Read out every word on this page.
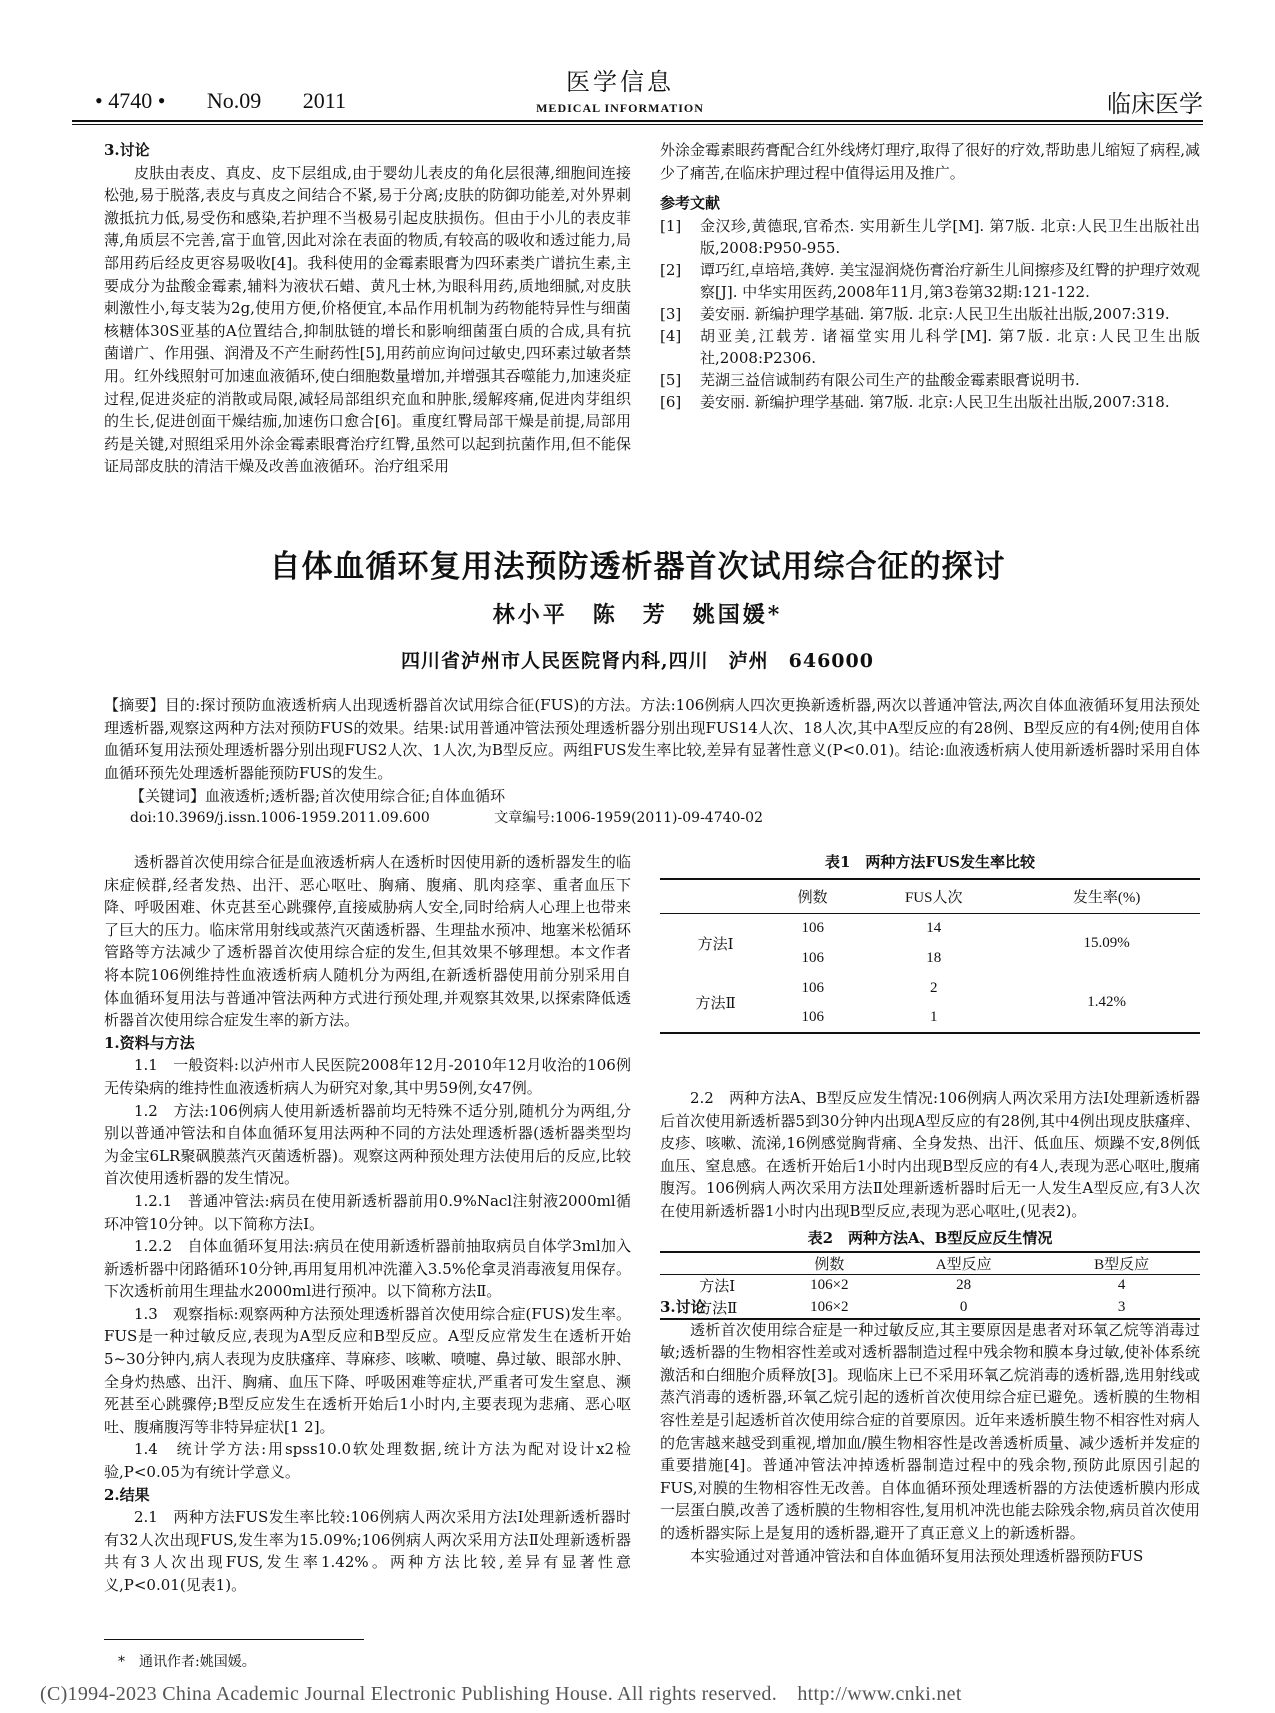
• 4740 • No.09 2011
医学信息
MEDICAL INFORMATION	临床医学

3.讨论

皮肤由表皮、真皮、皮下层组成,由于婴幼儿表皮的角化层很薄,细胞间连接松弛,易于脱落,表皮与真皮之间结合不紧,易于分离;皮肤的防御功能差,对外界刺激抵抗力低,易受伤和感染,若护理不当极易引起皮肤损伤。但由于小儿的表皮菲薄,角质层不完善,富于血管,因此对涂在表面的物质,有较高的吸收和透过能力,局部用药后经皮更容易吸收[4]。我科使用的金霉素眼膏为四环素类广谱抗生素,主要成分为盐酸金霉素,辅料为液状石蜡、黄凡士林,为眼科用药,质地细腻,对皮肤刺激性小,每支装为2g,使用方便,价格便宜,本品作用机制为药物能特异性与细菌核糖体30S亚基的A位置结合,抑制肽链的增长和影响细菌蛋白质的合成,具有抗菌谱广、作用强、润滑及不产生耐药性[5],用药前应询问过敏史,四环素过敏者禁用。红外线照射可加速血液循环,使白细胞数量增加,并增强其吞噬能力,加速炎症过程,促进炎症的消散或局限,减轻局部组织充血和肿胀,缓解疼痛,促进肉芽组织的生长,促进创面干燥结痂,加速伤口愈合[6]。重度红臀局部干燥是前提,局部用药是关键,对照组采用外涂金霉素眼膏治疗红臀,虽然可以起到抗菌作用,但不能保证局部皮肤的清洁干燥及改善血液循环。治疗组采用

外涂金霉素眼药膏配合红外线烤灯理疗,取得了很好的疗效,帮助患儿缩短了病程,减少了痛苦,在临床护理过程中值得运用及推广。

参考文献

[1]	金汉珍,黄德珉,官希杰. 实用新生儿学[M]. 第7版. 北京:人民卫生出版社出版,2008:P950-955.
[2]	谭巧红,卓培培,龚婷. 美宝湿润烧伤膏治疗新生儿间擦疹及红臀的护理疗效观察[J]. 中华实用医药,2008年11月,第3卷第32期:121-122.
[3]	姜安丽. 新编护理学基础. 第7版. 北京:人民卫生出版社出版,2007:319.
[4]	胡亚美,江载芳. 诸福堂实用儿科学[M]. 第7版. 北京:人民卫生出版社,2008:P2306.
[5]	芜湖三益信诚制药有限公司生产的盐酸金霉素眼膏说明书.
[6]	姜安丽. 新编护理学基础. 第7版. 北京:人民卫生出版社出版,2007:318.
自体血循环复用法预防透析器首次试用综合征的探讨
林小平　陈　芳　姚国媛*
四川省泸州市人民医院肾内科,四川　泸州　646000
【摘要】目的:探讨预防血液透析病人出现透析器首次试用综合征(FUS)的方法。方法:106例病人四次更换新透析器,两次以普通冲管法,两次自体血液循环复用法预处理透析器,观察这两种方法对预防FUS的效果。结果:试用普通冲管法预处理透析器分别出现FUS14人次、18人次,其中A型反应的有28例、B型反应的有4例;使用自体血循环复用法预处理透析器分别出现FUS2人次、1人次,为B型反应。两组FUS发生率比较,差异有显著性意义(P<0.01)。结论:血液透析病人使用新透析器时采用自体血循环预先处理透析器能预防FUS的发生。
【关键词】血液透析;透析器;首次使用综合征;自体血循环
doi:10.3969/j.issn.1006-1959.2011.09.600	文章编号:1006-1959(2011)-09-4740-02

透析器首次使用综合征是血液透析病人在透析时因使用新的透析器发生的临床症候群,经者发热、出汗、恶心呕吐、胸痛、腹痛、肌肉痉挛、重者血压下降、呼吸困难、休克甚至心跳骤停,直接威胁病人安全,同时给病人心理上也带来了巨大的压力。临床常用射线或蒸汽灭菌透析器、生理盐水预冲、地塞米松循环管路等方法减少了透析器首次使用综合症的发生,但其效果不够理想。本文作者将本院106例维持性血液透析病人随机分为两组,在新透析器使用前分别采用自体血循环复用法与普通冲管法两种方式进行预处理,并观察其效果,以探索降低透析器首次使用综合症发生率的新方法。

1.资料与方法

1.1　一般资料:以泸州市人民医院2008年12月-2010年12月收治的106例无传染病的维持性血液透析病人为研究对象,其中男59例,女47例。

1.2　方法:106例病人使用新透析器前均无特殊不适分别,随机分为两组,分别以普通冲管法和自体血循环复用法两种不同的方法处理透析器(透析器类型均为金宝6LR聚砜膜蒸汽灭菌透析器)。观察这两种预处理方法使用后的反应,比较首次使用透析器的发生情况。

1.2.1　普通冲管法:病员在使用新透析器前用0.9%Nacl注射液2000ml循环冲管10分钟。以下简称方法Ⅰ。

1.2.2　自体血循环复用法:病员在使用新透析器前抽取病员自体学3ml加入新透析器中闭路循环10分钟,再用复用机冲洗灌入3.5%伦拿灵消毒液复用保存。下次透析前用生理盐水2000ml进行预冲。以下简称方法Ⅱ。

1.3　观察指标:观察两种方法预处理透析器首次使用综合症(FUS)发生率。FUS是一种过敏反应,表现为A型反应和B型反应。A型反应常发生在透析开始5~30分钟内,病人表现为皮肤瘙痒、荨麻疹、咳嗽、喷嚏、鼻过敏、眼部水肿、全身灼热感、出汗、胸痛、血压下降、呼吸困难等症状,严重者可发生窒息、濒死甚至心跳骤停;B型反应发生在透析开始后1小时内,主要表现为悲痛、恶心呕吐、腹痛腹泻等非特异症状[1 2]。

1.4　统计学方法:用spss10.0软处理数据,统计方法为配对设计x2检验,P<0.05为有统计学意义。

2.结果

2.1　两种方法FUS发生率比较:106例病人两次采用方法Ⅰ处理新透析器时有32人次出现FUS,发生率为15.09%;106例病人两次采用方法Ⅱ处理新透析器共有3人次出现FUS,发生率1.42%。两种方法比较,差异有显著性意义,P<0.01(见表1)。

表1　两种方法FUS发生率比较
	例数	FUS人次	发生率(%)
方法Ⅰ	106	14	15.09%
	106	18	
方法Ⅱ	106	2	1.42%
	106	1	

2.2　两种方法A、B型反应发生情况:106例病人两次采用方法Ⅰ处理新透析器后首次使用新透析器5到30分钟内出现A型反应的有28例,其中4例出现皮肤瘙痒、皮疹、咳嗽、流涕,16例感觉胸背痛、全身发热、出汗、低血压、烦躁不安,8例低血压、窒息感。在透析开始后1小时内出现B型反应的有4人,表现为恶心呕吐,腹痛腹泻。106例病人两次采用方法Ⅱ处理新透析器时后无一人发生A型反应,有3人次在使用新透析器1小时内出现B型反应,表现为恶心呕吐,(见表2)。

表2　两种方法A、B型反应反生情况
	例数	A型反应	B型反应
方法Ⅰ	106×2	28	4
方法Ⅱ	106×2	0	3

3.讨论

透析首次使用综合症是一种过敏反应,其主要原因是患者对环氧乙烷等消毒过敏;透析器的生物相容性差或对透析器制造过程中残余物和膜本身过敏,使补体系统激活和白细胞介质释放[3]。现临床上已不采用环氧乙烷消毒的透析器,选用射线或蒸汽消毒的透析器,环氧乙烷引起的透析首次使用综合症已避免。透析膜的生物相容性差是引起透析首次使用综合症的首要原因。近年来透析膜生物不相容性对病人的危害越来越受到重视,增加血/膜生物相容性是改善透析质量、减少透析并发症的重要措施[4]。普通冲管法冲掉透析器制造过程中的残余物,预防此原因引起的FUS,对膜的生物相容性无改善。自体血循环预处理透析器的方法使透析膜内形成一层蛋白膜,改善了透析膜的生物相容性,复用机冲洗也能去除残余物,病员首次使用的透析器实际上是复用的透析器,避开了真正意义上的新透析器。

本实验通过对普通冲管法和自体血循环复用法预处理透析器预防FUS

*　通讯作者:姚国媛。
(C)1994-2023 China Academic Journal Electronic Publishing House. All rights reserved.　http://www.cnki.net
